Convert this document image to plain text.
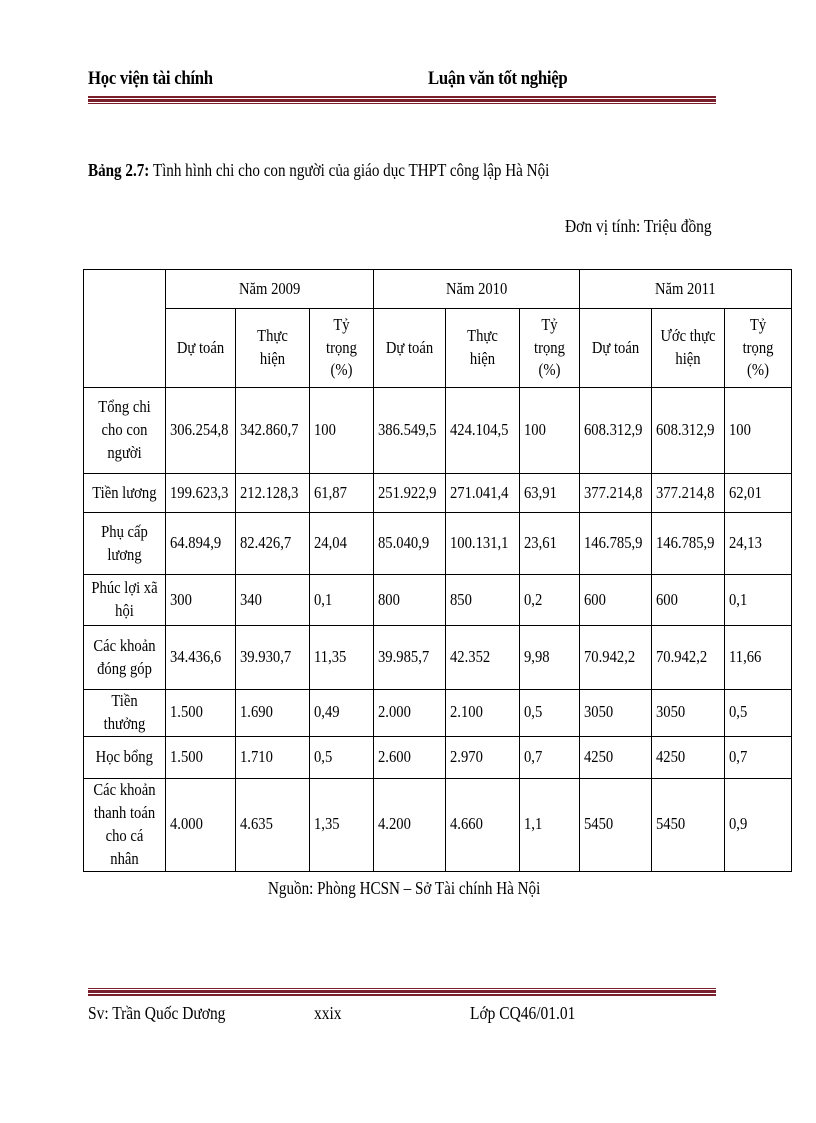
Học viện tài chính	Luận văn tốt nghiệp
Bảng 2.7: Tình hình chi cho con người của giáo dục THPT công lập Hà Nội
Đơn vị tính: Triệu đồng
	Năm 2009			Năm 2010			Năm 2011		
	Dự toán	Thực hiện	Tỷ trọng (%)	Dự toán	Thực hiện	Tỷ trọng (%)	Dự toán	Ước thực hiện	Tỷ trọng (%)
Tổng chi cho con người	306.254,8	342.860,7	100	386.549,5	424.104,5	100	608.312,9	608.312,9	100
Tiền lương	199.623,3	212.128,3	61,87	251.922,9	271.041,4	63,91	377.214,8	377.214,8	62,01
Phụ cấp lương	64.894,9	82.426,7	24,04	85.040,9	100.131,1	23,61	146.785,9	146.785,9	24,13
Phúc lợi xã hội	300	340	0,1	800	850	0,2	600	600	0,1
Các khoản đóng góp	34.436,6	39.930,7	11,35	39.985,7	42.352	9,98	70.942,2	70.942,2	11,66
Tiền thưởng	1.500	1.690	0,49	2.000	2.100	0,5	3050	3050	0,5
Học bổng	1.500	1.710	0,5	2.600	2.970	0,7	4250	4250	0,7
Các khoản thanh toán cho cá nhân	4.000	4.635	1,35	4.200	4.660	1,1	5450	5450	0,9
Nguồn: Phòng HCSN – Sở Tài chính Hà Nội
Sv: Trần Quốc Dương	xxix	Lớp CQ46/01.01
